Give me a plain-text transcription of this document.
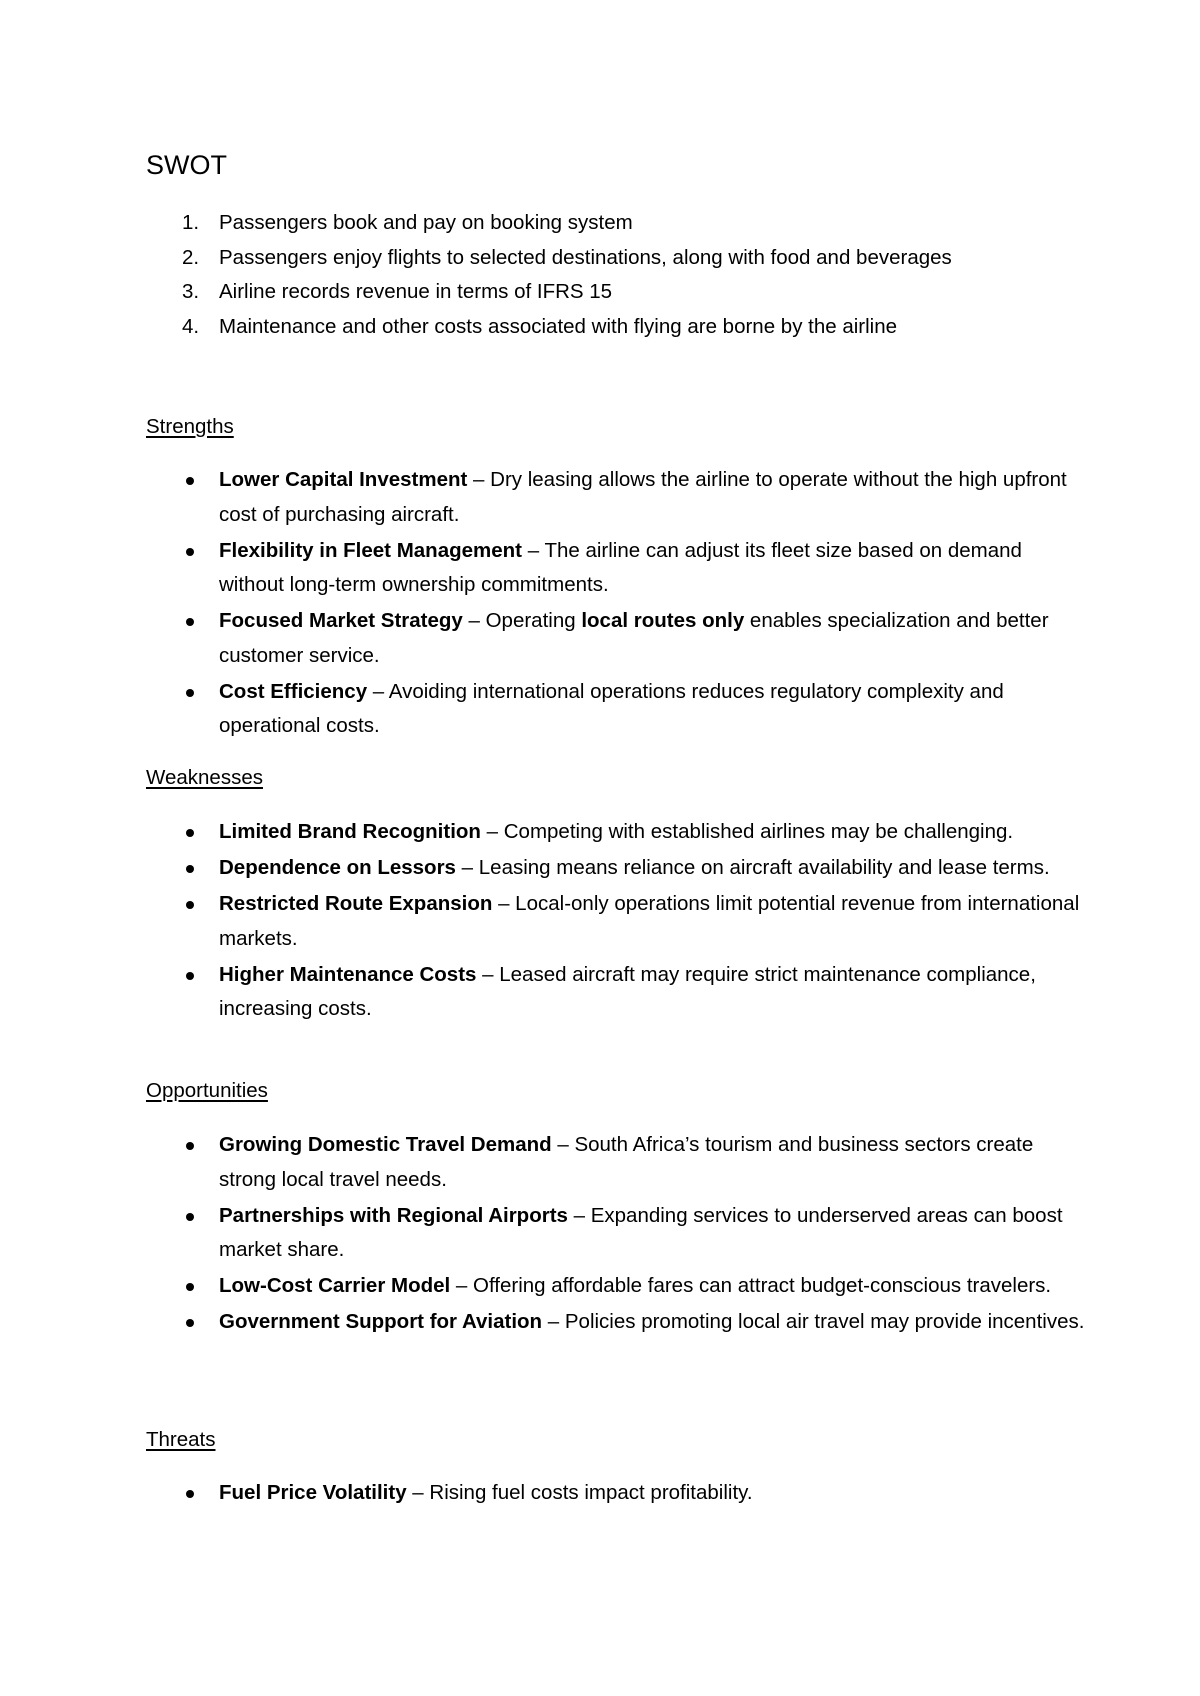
SWOT
1. Passengers book and pay on booking system
2. Passengers enjoy flights to selected destinations, along with food and beverages
3. Airline records revenue in terms of IFRS 15
4. Maintenance and other costs associated with flying are borne by the airline
Strengths
Lower Capital Investment – Dry leasing allows the airline to operate without the high upfront cost of purchasing aircraft.
Flexibility in Fleet Management – The airline can adjust its fleet size based on demand without long-term ownership commitments.
Focused Market Strategy – Operating local routes only enables specialization and better customer service.
Cost Efficiency – Avoiding international operations reduces regulatory complexity and operational costs.
Weaknesses
Limited Brand Recognition – Competing with established airlines may be challenging.
Dependence on Lessors – Leasing means reliance on aircraft availability and lease terms.
Restricted Route Expansion – Local-only operations limit potential revenue from international markets.
Higher Maintenance Costs – Leased aircraft may require strict maintenance compliance, increasing costs.
Opportunities
Growing Domestic Travel Demand – South Africa’s tourism and business sectors create strong local travel needs.
Partnerships with Regional Airports – Expanding services to underserved areas can boost market share.
Low-Cost Carrier Model – Offering affordable fares can attract budget-conscious travelers.
Government Support for Aviation – Policies promoting local air travel may provide incentives.
Threats
Fuel Price Volatility – Rising fuel costs impact profitability.
